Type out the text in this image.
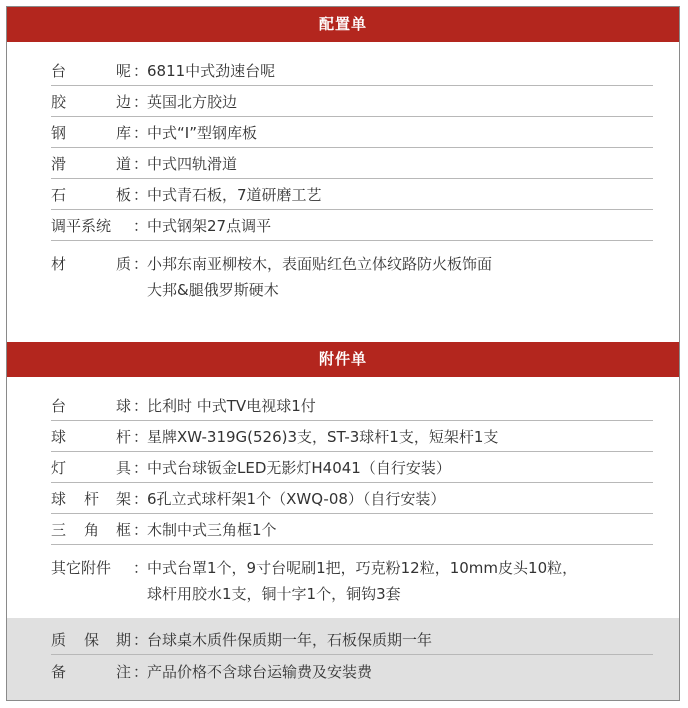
配置单
台	呢 ：
6811中式劲速台呢
胶	边 ：
英国北方胶边
钢	库 ：
中式“I”型钢库板
滑	道 ：
中式四轨滑道
石	板 ：
中式青石板，7道研磨工艺
调平系统 ：
中式钢架27点调平
材	质 ：
小邦东南亚柳桉木，表面贴红色立体纹路防火板饰面
大邦&腿俄罗斯硬木
附件单
台	球 ：
比利时 中式TV电视球1付
球	杆 ：
星牌XW-319G(526)3支，ST-3球杆1支，短架杆1支
灯	具 ：
中式台球钣金LED无影灯H4041（自行安装）
球 杆 架 ：
6孔立式球杆架1个（XWQ-08）（自行安装）
三 角 框 ：
木制中式三角框1个
其它附件 ：
中式台罩1个，9寸台呢刷1把，巧克粉12粒，10mm皮头10粒，
球杆用胶水1支，铜十字1个，铜钩3套
质 保 期 ：
台球桌木质件保质期一年，石板保质期一年
备	注 ：
产品价格不含球台运输费及安装费
